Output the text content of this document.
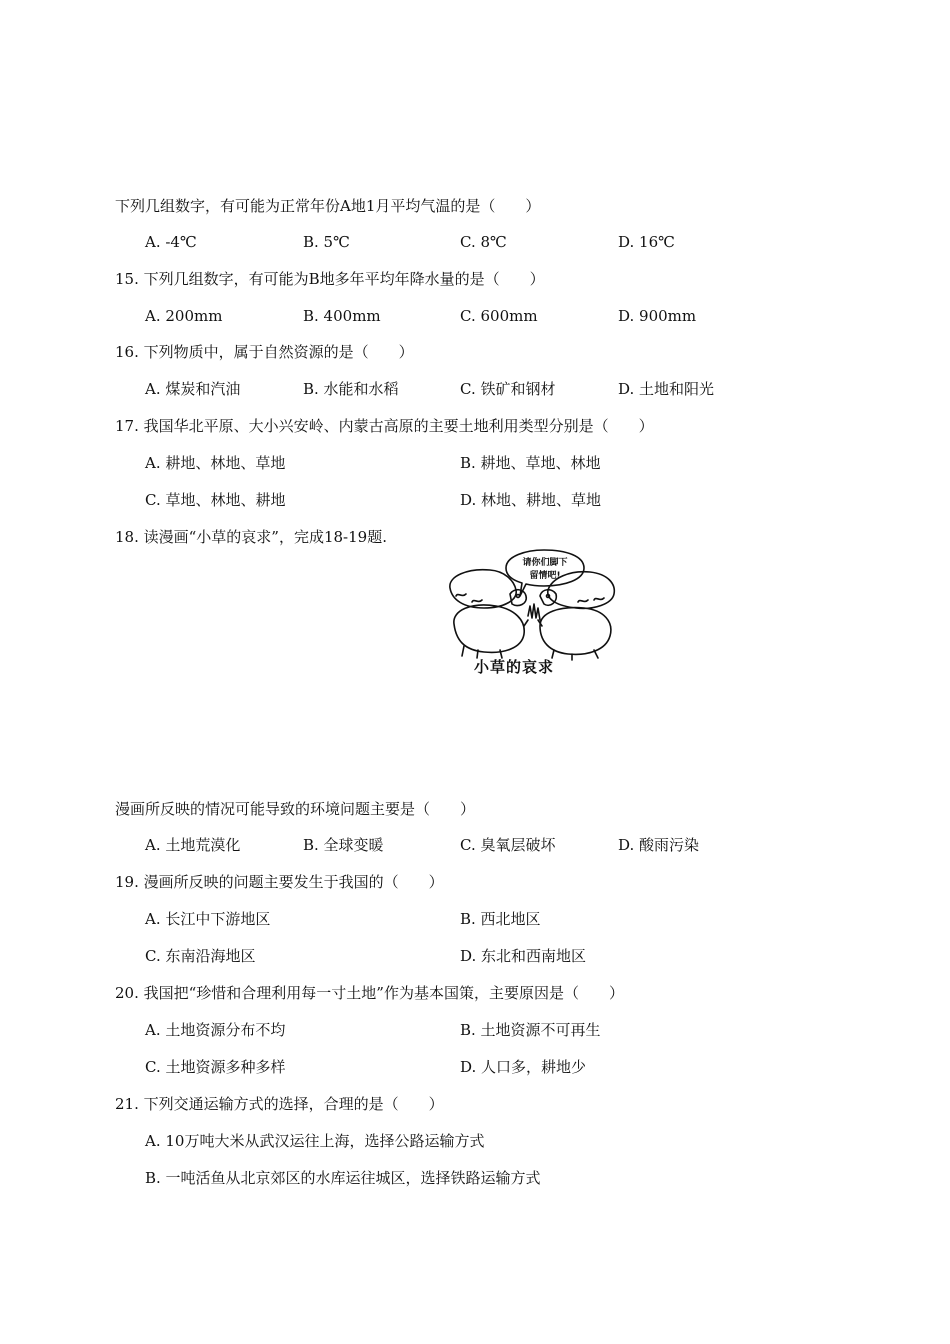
下列几组数字，有可能为正常年份A地1月平均气温的是（　　）
A. -4℃	B. 5℃	C. 8℃	D. 16℃
15. 下列几组数字，有可能为B地多年平均年降水量的是（　　）
A. 200mm	B. 400mm	C. 600mm	D. 900mm
16. 下列物质中，属于自然资源的是（　　）
A. 煤炭和汽油	B. 水能和水稻	C. 铁矿和钢材	D. 土地和阳光
17. 我国华北平原、大小兴安岭、内蒙古高原的主要土地利用类型分别是（　　）
A. 耕地、林地、草地	B. 耕地、草地、林地
C. 草地、林地、耕地	D. 林地、耕地、草地
18. 读漫画“小草的哀求”，完成18-19题.
请你们脚下
留情吧!
小草的哀求
漫画所反映的情况可能导致的环境问题主要是（　　）
A. 土地荒漠化	B. 全球变暖	C. 臭氧层破坏	D. 酸雨污染
19. 漫画所反映的问题主要发生于我国的（　　）
A. 长江中下游地区	B. 西北地区
C. 东南沿海地区	D. 东北和西南地区
20. 我国把“珍惜和合理利用每一寸土地”作为基本国策，主要原因是（　　）
A. 土地资源分布不均	B. 土地资源不可再生
C. 土地资源多种多样	D. 人口多，耕地少
21. 下列交通运输方式的选择，合理的是（　　）
A. 10万吨大米从武汉运往上海，选择公路运输方式
B. 一吨活鱼从北京郊区的水库运往城区，选择铁路运输方式
